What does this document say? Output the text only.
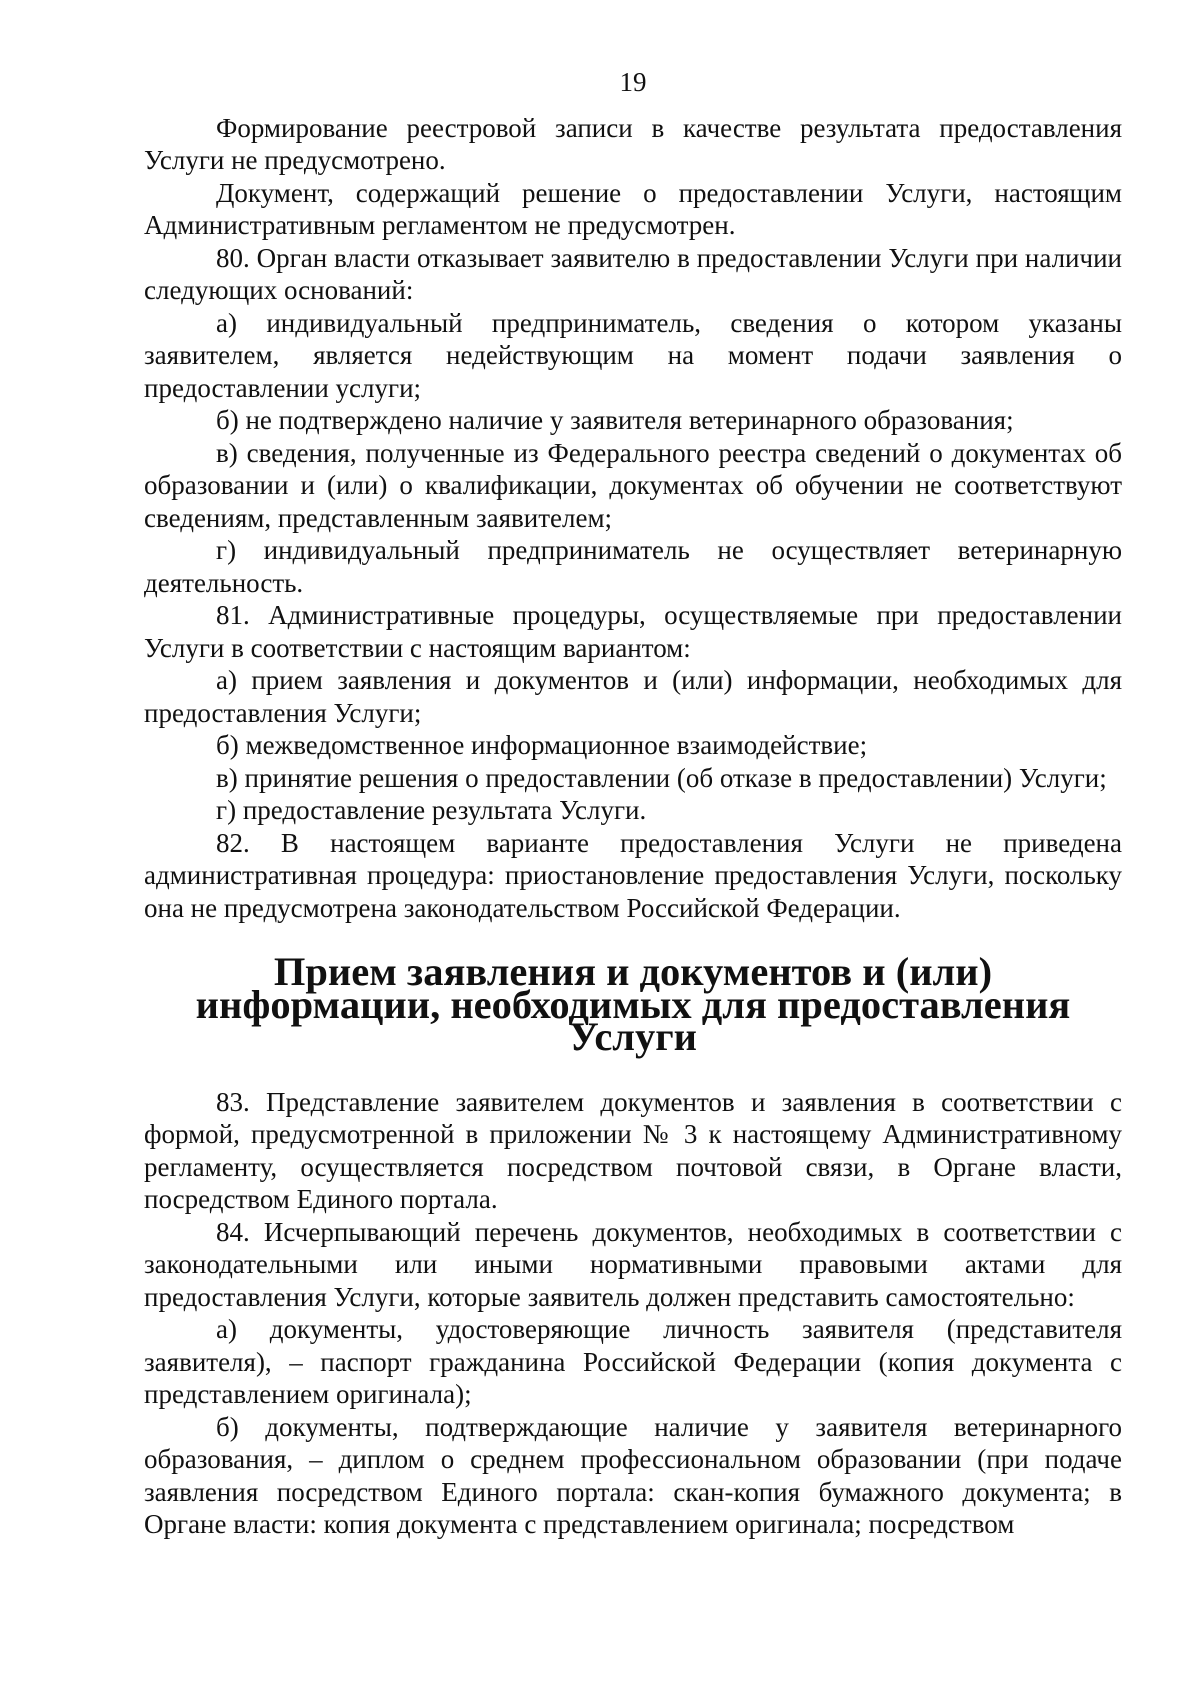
19

Формирование реестровой записи в качестве результата предоставления Услуги не предусмотрено.

Документ, содержащий решение о предоставлении Услуги, настоящим Административным регламентом не предусмотрен.

80. Орган власти отказывает заявителю в предоставлении Услуги при наличии следующих оснований:

а) индивидуальный предприниматель, сведения о котором указаны заявителем, является недействующим на момент подачи заявления о предоставлении услуги;

б) не подтверждено наличие у заявителя ветеринарного образования;

в) сведения, полученные из Федерального реестра сведений о документах об образовании и (или) о квалификации, документах об обучении не соответствуют сведениям, представленным заявителем;

г) индивидуальный предприниматель не осуществляет ветеринарную деятельность.

81. Административные процедуры, осуществляемые при предоставлении Услуги в соответствии с настоящим вариантом:

а) прием заявления и документов и (или) информации, необходимых для предоставления Услуги;

б) межведомственное информационное взаимодействие;

в) принятие решения о предоставлении (об отказе в предоставлении) Услуги;

г) предоставление результата Услуги.

82. В настоящем варианте предоставления Услуги не приведена административная процедура: приостановление предоставления Услуги, поскольку она не предусмотрена законодательством Российской Федерации.

Прием заявления и документов и (или) информации, необходимых для предоставления Услуги

83. Представление заявителем документов и заявления в соответствии с формой, предусмотренной в приложении № 3 к настоящему Административному регламенту, осуществляется посредством почтовой связи, в Органе власти, посредством Единого портала.

84. Исчерпывающий перечень документов, необходимых в соответствии с законодательными или иными нормативными правовыми актами для предоставления Услуги, которые заявитель должен представить самостоятельно:

а) документы, удостоверяющие личность заявителя (представителя заявителя), – паспорт гражданина Российской Федерации (копия документа с представлением оригинала);

б) документы, подтверждающие наличие у заявителя ветеринарного образования, – диплом о среднем профессиональном образовании (при подаче заявления посредством Единого портала: скан-копия бумажного документа; в Органе власти: копия документа с представлением оригинала; посредством
